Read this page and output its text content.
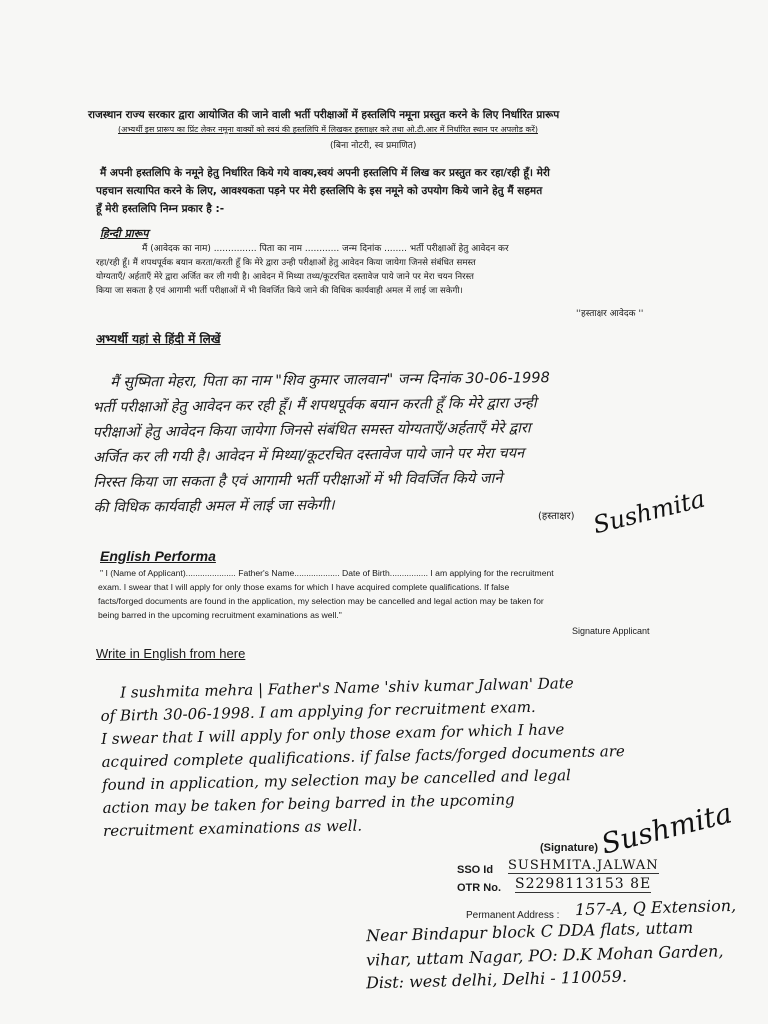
राजस्थान राज्य सरकार द्वारा आयोजित की जाने वाली भर्ती परीक्षाओं में हस्तलिपि नमूना प्रस्तुत करने के लिए निर्धारित प्रारूप
(अभ्यर्थी इस प्रारूप का प्रिंट लेकर नमूना वाक्यों को स्वयं की हस्तलिपि में लिखकर हस्ताक्षर करे तथा ओ.टी.आर में निर्धारित स्थान पर अपलोड करें)
(बिना नोटरी, स्व प्रमाणित)
मैं अपनी हस्तलिपि के नमूने हेतु निर्धारित किये गये वाक्य,स्वयं अपनी हस्तलिपि में लिख कर प्रस्तुत कर रहा/रही हूँ। मेरी
पहचान सत्यापित करने के लिए, आवश्यकता पड़ने पर मेरी हस्तलिपि के इस नमूने को उपयोग किये जाने हेतु मैं सहमत
हूँ मेरी हस्तलिपि निम्न प्रकार है :-
हिन्दी प्रारूप
मैं (आवेदक का नाम) ............... पिता का नाम ............ जन्म दिनांक ........ भर्ती परीक्षाओं हेतु आवेदन कर
रहा/रही हूँ। मैं शपथपूर्वक बयान करता/करती हूँ कि मेरे द्वारा उन्ही परीक्षाओं हेतु आवेदन किया जायेगा जिनसे संबंधित समस्त
योग्यताएँ/ अर्हताएँ मेरे द्वारा अर्जित कर ली गयी है। आवेदन में मिथ्या तथ्य/कूटरचित दस्तावेज पाये जाने पर मेरा चयन निरस्त
किया जा सकता है एवं आगामी भर्ती परीक्षाओं में भी विवर्जित किये जाने की विधिक कार्यवाही अमल में लाई जा सकेगी।
''हस्ताक्षर आवेदक ''
अभ्यर्थी यहां से हिंदी में लिखें
मैं सुष्मिता मेहरा, पिता का नाम "शिव कुमार जालवान" जन्म दिनांक 30-06-1998
भर्ती परीक्षाओं हेतु आवेदन कर रही हूँ। मैं शपथपूर्वक बयान करती हूँ कि मेरे द्वारा उन्ही
परीक्षाओं हेतु आवेदन किया जायेगा जिनसे संबंधित समस्त योग्यताएँ/अर्हताएँ मेरे द्वारा
अर्जित कर ली गयी है। आवेदन में मिथ्या/कूटरचित दस्तावेज पाये जाने पर मेरा चयन
निरस्त किया जा सकता है एवं आगामी भर्ती परीक्षाओं में भी विवर्जित किये जाने
की विधिक कार्यवाही अमल में लाई जा सकेगी।
(हस्ताक्षर) Sushmita
English Performa
" I (Name of Applicant)..................... Father's Name................... Date of Birth................ I am applying for the recruitment
exam. I swear that I will apply for only those exams for which I have acquired complete qualifications. If false
facts/forged documents are found in the application, my selection may be cancelled and legal action may be taken for
being barred in the upcoming recruitment examinations as well."
Signature Applicant
Write in English from here
I sushmita mehra | Father's Name 'shiv kumar Jalwan' Date
of Birth 30-06-1998. I am applying for recruitment exam.
I swear that I will apply for only those exam for which I have
acquired complete qualifications. if false facts/forged documents are
found in application, my selection may be cancelled and legal
action may be taken for being barred in the upcoming
recruitment examinations as well.
(Signature) Sushmita
SSO Id SUSHMITA.JALWAN
OTR No. S2298113153 8E
Permanent Address : 157-A, Q Extension,
Near Bindapur block C DDA flats, uttam
vihar, uttam Nagar, PO: D.K Mohan Garden,
Dist: west delhi, Delhi - 110059.
